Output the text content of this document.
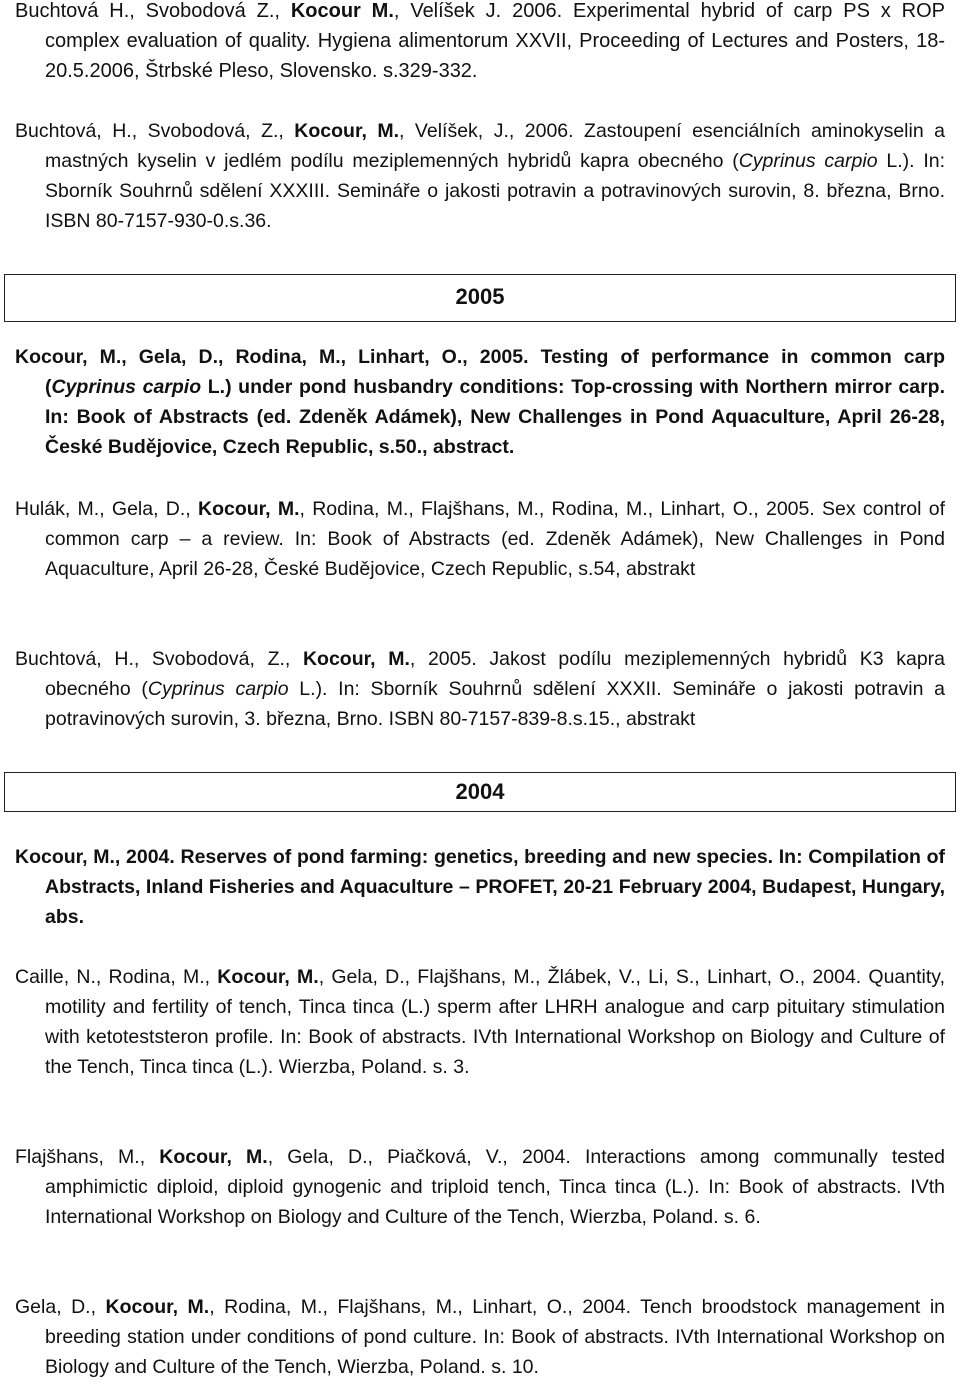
Buchtová H., Svobodová Z., Kocour M., Velíšek J. 2006. Experimental hybrid of carp PS x ROP complex evaluation of quality. Hygiena alimentorum XXVII, Proceeding of Lectures and Posters, 18-20.5.2006, Štrbské Pleso, Slovensko. s.329-332.
Buchtová, H., Svobodová, Z., Kocour, M., Velíšek, J., 2006. Zastoupení esenciálních aminokyselin a mastných kyselin v jedlém podílu meziplemenných hybridů kapra obecného (Cyprinus carpio L.). In: Sborník Souhrnů sdělení XXXIII. Semináře o jakosti potravin a potravinových surovin, 8. března, Brno. ISBN 80-7157-930-0.s.36.
2005
Kocour, M., Gela, D., Rodina, M., Linhart, O., 2005. Testing of performance in common carp (Cyprinus carpio L.) under pond husbandry conditions: Top-crossing with Northern mirror carp. In: Book of Abstracts (ed. Zdeněk Adámek), New Challenges in Pond Aquaculture, April 26-28, České Budějovice, Czech Republic, s.50., abstract.
Hulák, M., Gela, D., Kocour, M., Rodina, M., Flajšhans, M., Rodina, M., Linhart, O., 2005. Sex control of common carp – a review. In: Book of Abstracts (ed. Zdeněk Adámek), New Challenges in Pond Aquaculture, April 26-28, České Budějovice, Czech Republic, s.54, abstrakt
Buchtová, H., Svobodová, Z., Kocour, M., 2005. Jakost podílu meziplemenných hybridů K3 kapra obecného (Cyprinus carpio L.). In: Sborník Souhrnů sdělení XXXII. Semináře o jakosti potravin a potravinových surovin, 3. března, Brno. ISBN 80-7157-839-8.s.15., abstrakt
2004
Kocour, M., 2004. Reserves of pond farming: genetics, breeding and new species. In: Compilation of Abstracts, Inland Fisheries and Aquaculture – PROFET, 20-21 February 2004, Budapest, Hungary, abs.
Caille, N., Rodina, M., Kocour, M., Gela, D., Flajšhans, M., Žlábek, V., Li, S., Linhart, O., 2004. Quantity, motility and fertility of tench, Tinca tinca (L.) sperm after LHRH analogue and carp pituitary stimulation with ketoteststeron profile. In: Book of abstracts. IVth International Workshop on Biology and Culture of the Tench, Tinca tinca (L.). Wierzba, Poland. s. 3.
Flajšhans, M., Kocour, M., Gela, D., Piačková, V., 2004. Interactions among communally tested amphimictic diploid, diploid gynogenic and triploid tench, Tinca tinca (L.). In: Book of abstracts. IVth International Workshop on Biology and Culture of the Tench, Wierzba, Poland. s. 6.
Gela, D., Kocour, M., Rodina, M., Flajšhans, M., Linhart, O., 2004. Tench broodstock management in breeding station under conditions of pond culture. In: Book of abstracts. IVth International Workshop on Biology and Culture of the Tench, Wierzba, Poland. s. 10.
